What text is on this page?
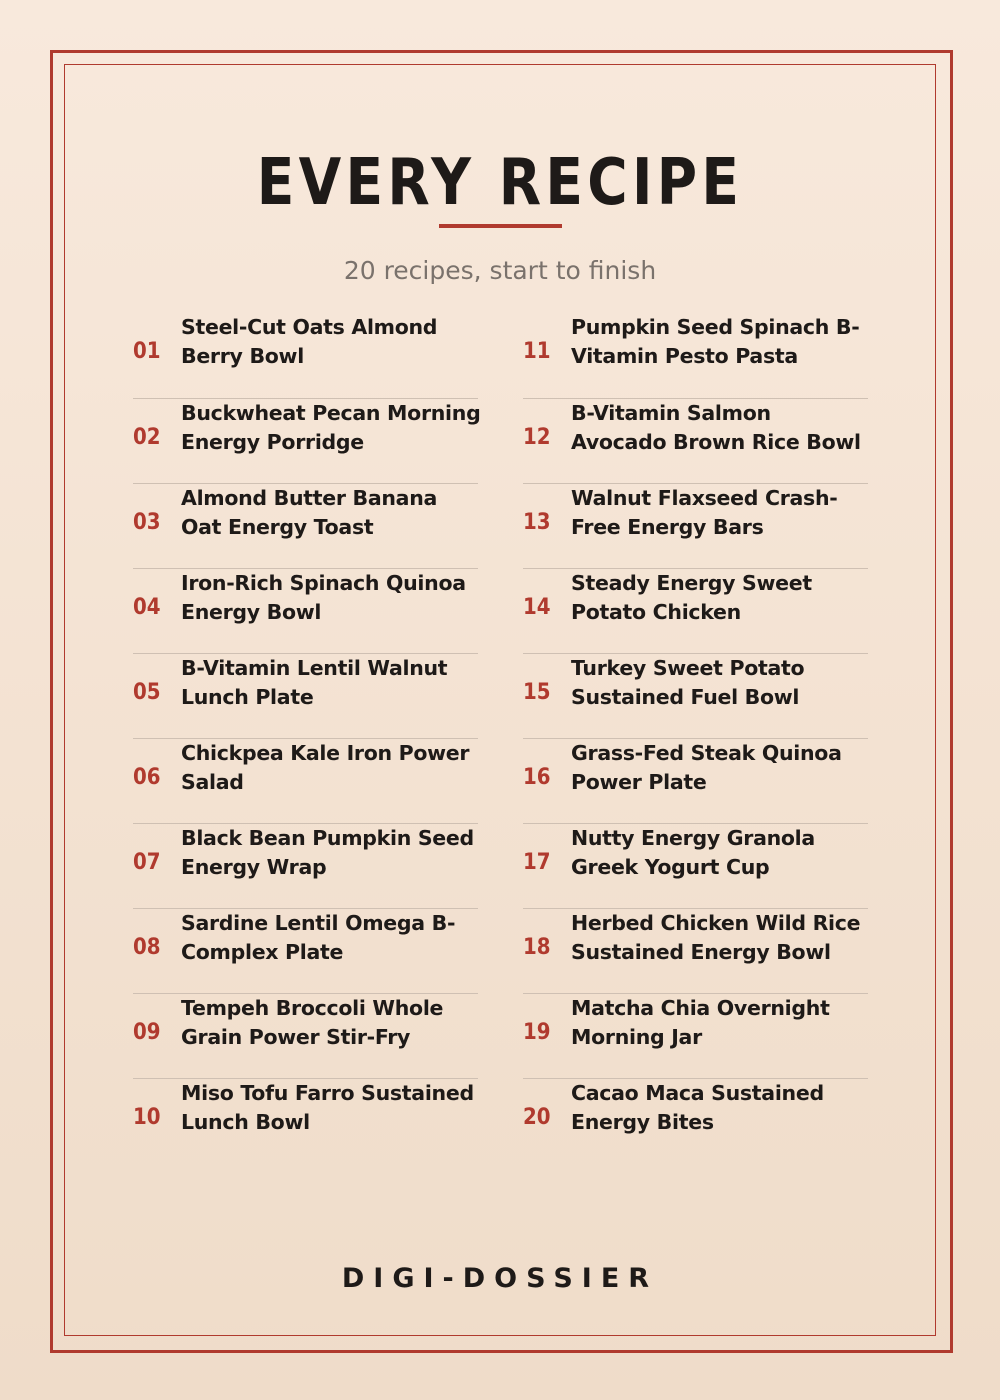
EVERY RECIPE
20 recipes, start to finish
01
Steel-Cut Oats Almond Berry Bowl
02
Buckwheat Pecan Morning Energy Porridge
03
Almond Butter Banana Oat Energy Toast
04
Iron-Rich Spinach Quinoa Energy Bowl
05
B-Vitamin Lentil Walnut Lunch Plate
06
Chickpea Kale Iron Power Salad
07
Black Bean Pumpkin Seed Energy Wrap
08
Sardine Lentil Omega B-Complex Plate
09
Tempeh Broccoli Whole Grain Power Stir-Fry
10
Miso Tofu Farro Sustained Lunch Bowl
11
Pumpkin Seed Spinach B-Vitamin Pesto Pasta
12
B-Vitamin Salmon Avocado Brown Rice Bowl
13
Walnut Flaxseed Crash-Free Energy Bars
14
Steady Energy Sweet Potato Chicken
15
Turkey Sweet Potato Sustained Fuel Bowl
16
Grass-Fed Steak Quinoa Power Plate
17
Nutty Energy Granola Greek Yogurt Cup
18
Herbed Chicken Wild Rice Sustained Energy Bowl
19
Matcha Chia Overnight Morning Jar
20
Cacao Maca Sustained Energy Bites
DIGI-DOSSIER
